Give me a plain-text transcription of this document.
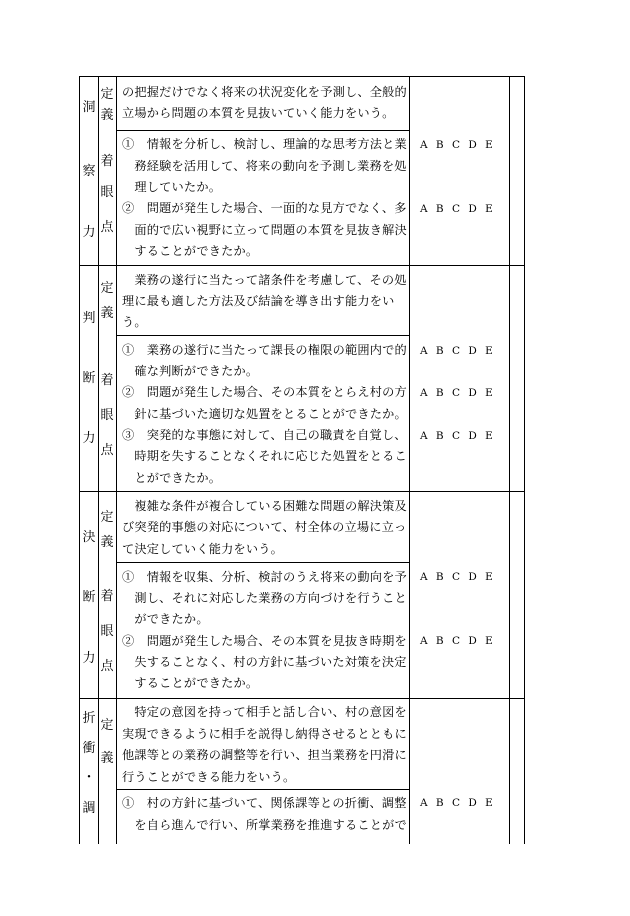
洞
察
力
定
義
着
眼
点
の把握だけでなく将来の状況変化を予測し、全般的
立場から問題の本質を見抜いていく能力をいう。
①　情報を分析し、検討し、理論的な思考方法と業
　務経験を活用して、将来の動向を予測し業務を処
　理していたか。
②　問題が発生した場合、一面的な見方でなく、多
　面的で広い視野に立って問題の本質を見抜き解決
　することができたか。
A B C D E
A B C D E
判
断
力
定
義
着
眼
点
　業務の遂行に当たって諸条件を考慮して、その処
理に最も適した方法及び結論を導き出す能力をい
う。
①　業務の遂行に当たって課長の権限の範囲内で的
　確な判断ができたか。
②　問題が発生した場合、その本質をとらえ村の方
　針に基づいた適切な処置をとることができたか。
③　突発的な事態に対して、自己の職責を自覚し、
　時期を失することなくそれに応じた処置をとるこ
　とができたか。
A B C D E
A B C D E
A B C D E
決
断
力
定
義
着
眼
点
　複雑な条件が複合している困難な問題の解決策及
び突発的事態の対応について、村全体の立場に立っ
て決定していく能力をいう。
①　情報を収集、分析、検討のうえ将来の動向を予
　測し、それに対応した業務の方向づけを行うこと
　ができたか。
②　問題が発生した場合、その本質を見抜き時期を
　失することなく、村の方針に基づいた対策を決定
　することができたか。
A B C D E
A B C D E
折
衝
・
調
定
義
　特定の意図を持って相手と話し合い、村の意図を
実現できるように相手を説得し納得させるとともに
他課等との業務の調整等を行い、担当業務を円滑に
行うことができる能力をいう。
①　村の方針に基づいて、関係課等との折衝、調整
　を自ら進んで行い、所掌業務を推進することがで
A B C D E
